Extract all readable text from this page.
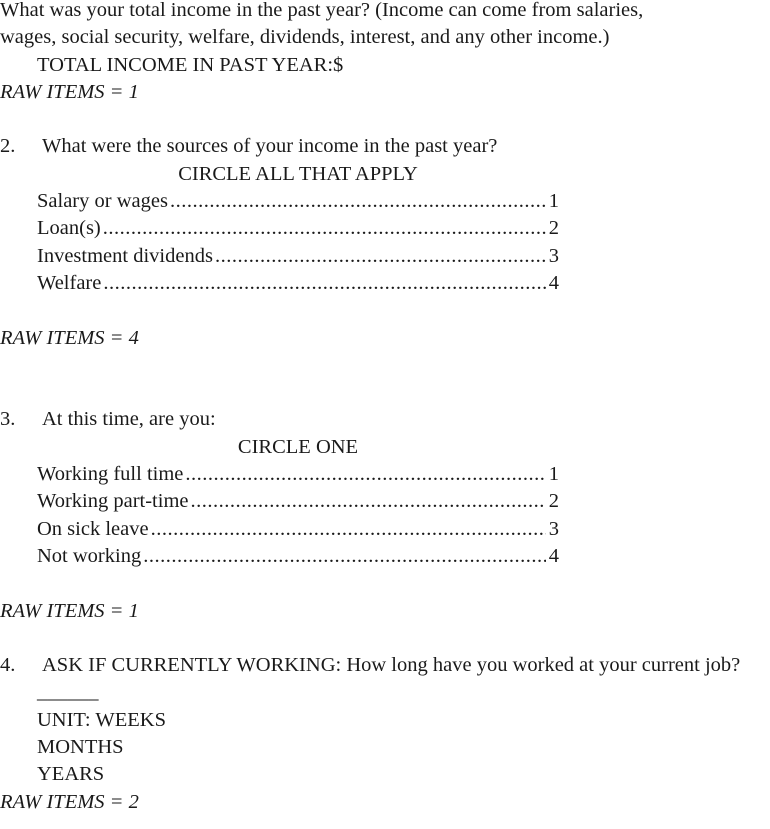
What was your total income in the past year? (Income can come from salaries,
wages, social security, welfare, dividends, interest, and any other income.)
TOTAL INCOME IN PAST YEAR:$
RAW ITEMS = 1
2.	What were the sources of your income in the past year?
CIRCLE ALL THAT APPLY
Salary or wages .....	1
Loan(s) .....	2
Investment dividends .....	3
Welfare .....	4
RAW ITEMS = 4
3.	At this time, are you:
CIRCLE ONE
Working full time .....	1
Working part-time .....	2
On sick leave .....	3
Not working .....	4
RAW ITEMS = 1
4.	ASK IF CURRENTLY WORKING: How long have you worked at your current job?
______
UNIT: WEEKS
MONTHS
YEARS
RAW ITEMS = 2
